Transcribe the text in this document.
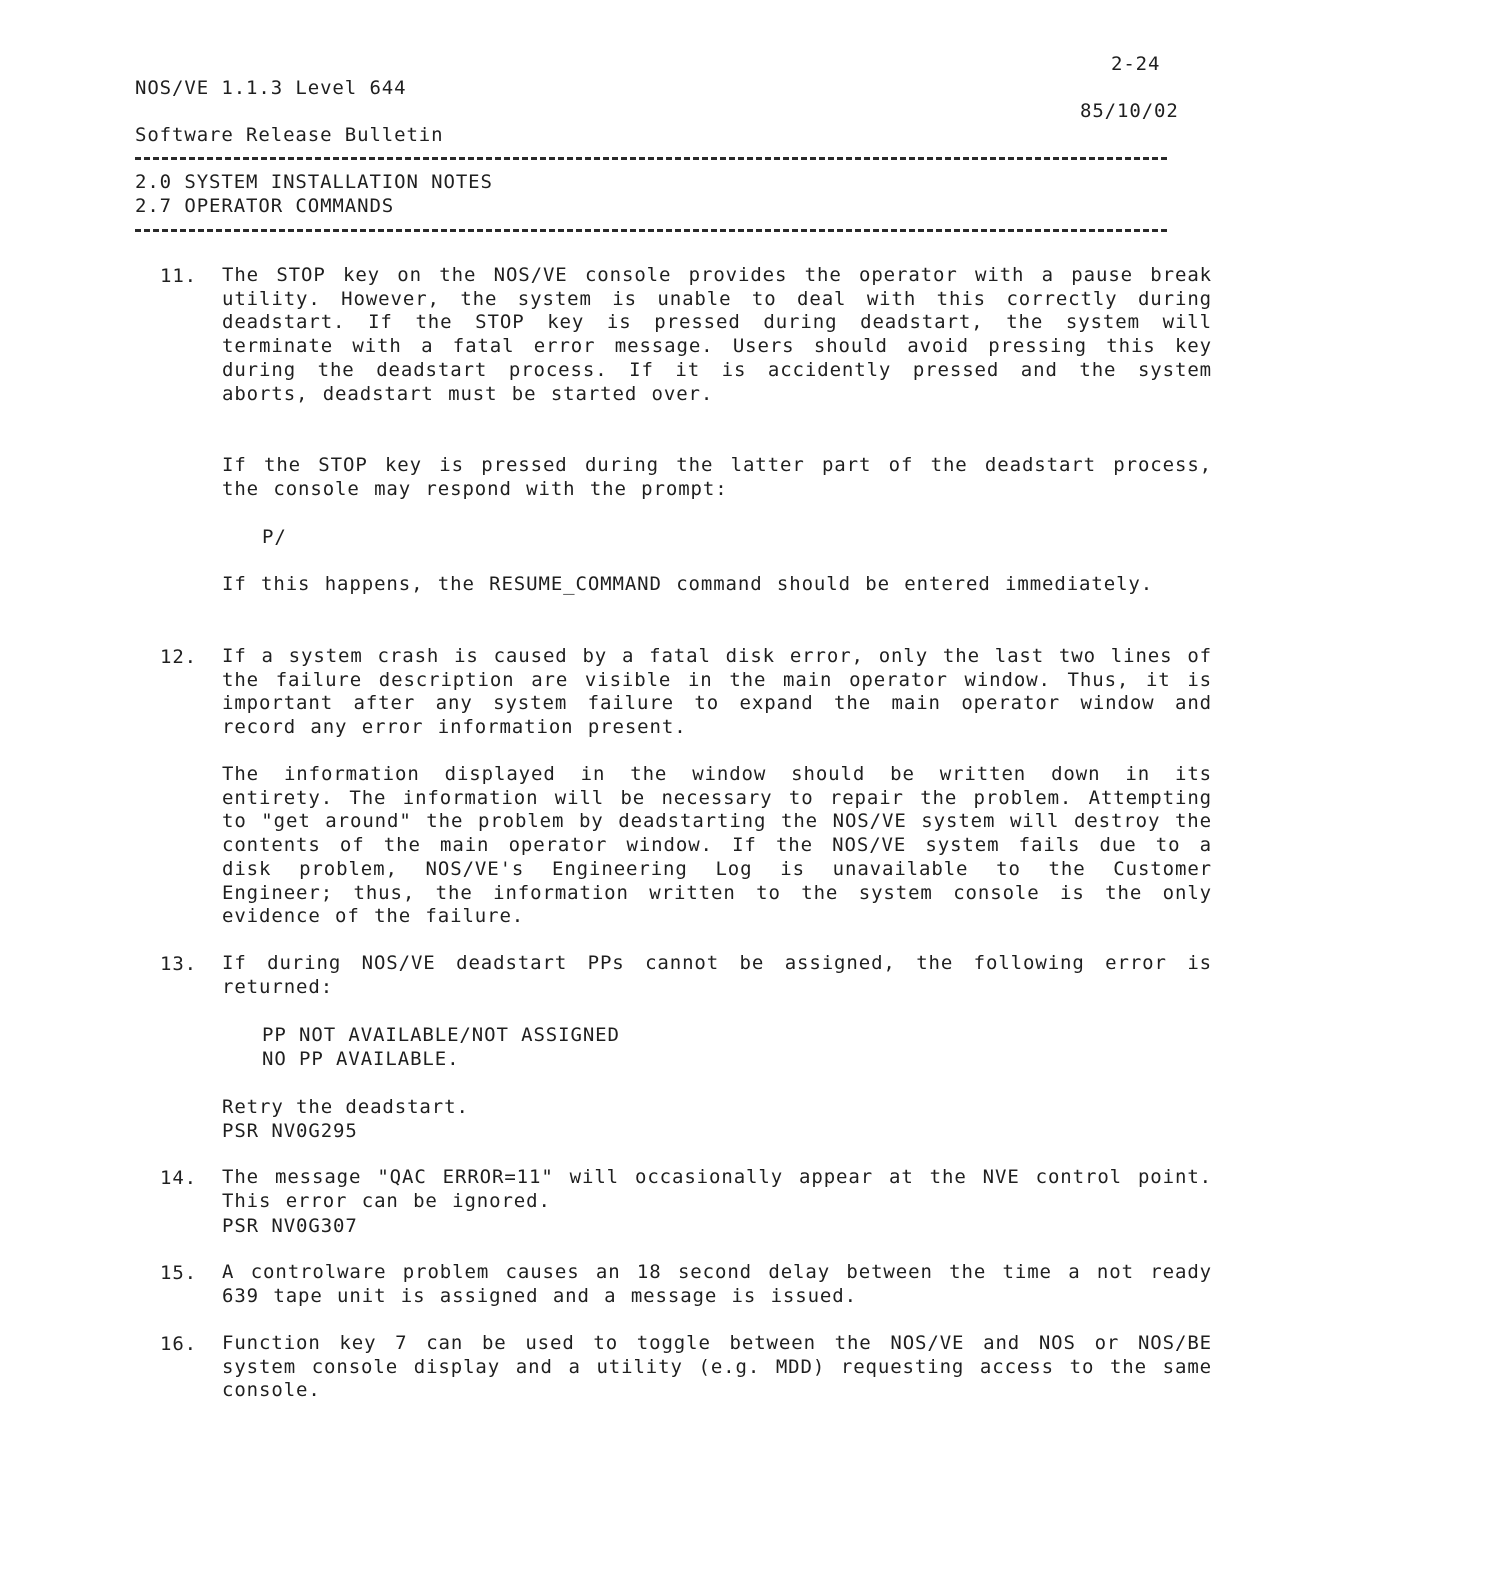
2-24
NOS/VE 1.1.3 Level 644
85/10/02
Software Release Bulletin
2.0 SYSTEM INSTALLATION NOTES
2.7 OPERATOR COMMANDS
11. The STOP key on the NOS/VE console provides the operator with a pause break utility. However, the system is unable to deal with this correctly during deadstart. If the STOP key is pressed during deadstart, the system will terminate with a fatal error message. Users should avoid pressing this key during the deadstart process. If it is accidently pressed and the system aborts, deadstart must be started over.
If the STOP key is pressed during the latter part of the deadstart process, the console may respond with the prompt:
P/
If this happens, the RESUME_COMMAND command should be entered immediately.
12. If a system crash is caused by a fatal disk error, only the last two lines of the failure description are visible in the main operator window. Thus, it is important after any system failure to expand the main operator window and record any error information present.
The information displayed in the window should be written down in its entirety. The information will be necessary to repair the problem. Attempting to "get around" the problem by deadstarting the NOS/VE system will destroy the contents of the main operator window. If the NOS/VE system fails due to a disk problem, NOS/VE's Engineering Log is unavailable to the Customer Engineer; thus, the information written to the system console is the only evidence of the failure.
13. If during NOS/VE deadstart PPs cannot be assigned, the following error is returned:
PP NOT AVAILABLE/NOT ASSIGNED
NO PP AVAILABLE.
Retry the deadstart.
PSR NV0G295
14. The message "QAC ERROR=11" will occasionally appear at the NVE control point. This error can be ignored.
PSR NV0G307
15. A controlware problem causes an 18 second delay between the time a not ready 639 tape unit is assigned and a message is issued.
16. Function key 7 can be used to toggle between the NOS/VE and NOS or NOS/BE system console display and a utility (e.g. MDD) requesting access to the same console.
